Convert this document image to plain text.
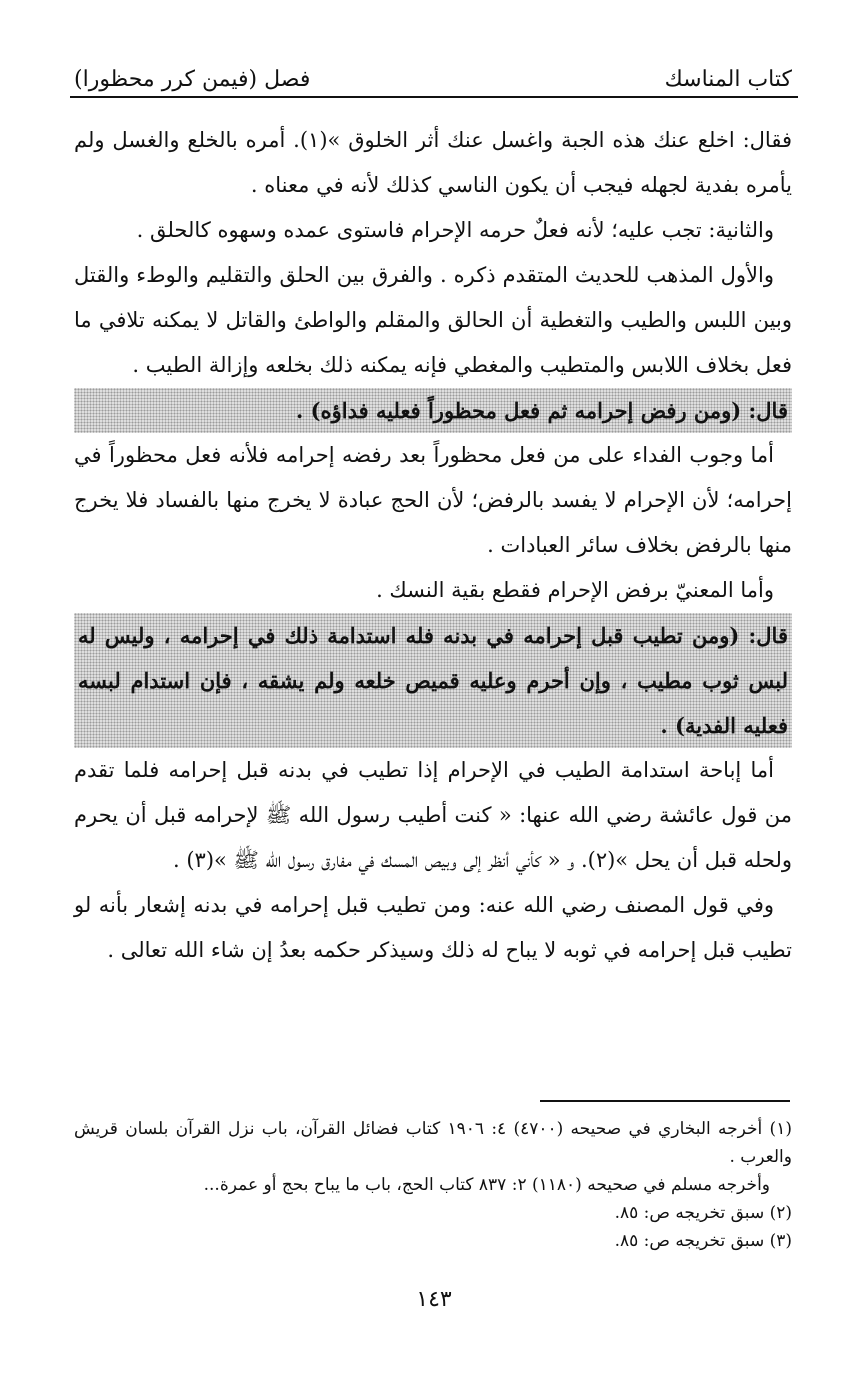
كتاب المناسك
فصل (فيمن كرر محظورا)

فقال: اخلع عنك هذه الجبة واغسل عنك أثر الخلوق »(١). أمره بالخلع والغسل ولم يأمره بفدية لجهله فيجب أن يكون الناسي كذلك لأنه في معناه .

والثانية: تجب عليه؛ لأنه فعلٌ حرمه الإحرام فاستوى عمده وسهوه كالحلق .

والأول المذهب للحديث المتقدم ذكره . والفرق بين الحلق والتقليم والوطء والقتل وبين اللبس والطيب والتغطية أن الحالق والمقلم والواطئ والقاتل لا يمكنه تلافي ما فعل بخلاف اللابس والمتطيب والمغطي فإنه يمكنه ذلك بخلعه وإزالة الطيب .

قال: (ومن رفض إحرامه ثم فعل محظوراً فعليه فداؤه) .

أما وجوب الفداء على من فعل محظوراً بعد رفضه إحرامه فلأنه فعل محظوراً في إحرامه؛ لأن الإحرام لا يفسد بالرفض؛ لأن الحج عبادة لا يخرج منها بالفساد فلا يخرج منها بالرفض بخلاف سائر العبادات .

وأما المعنيّ برفض الإحرام فقطع بقية النسك .

قال: (ومن تطيب قبل إحرامه في بدنه فله استدامة ذلك في إحرامه ، وليس له لبس ثوب مطيب ، وإن أحرم وعليه قميص خلعه ولم يشقه ، فإن استدام لبسه فعليه الفدية) .

أما إباحة استدامة الطيب في الإحرام إذا تطيب في بدنه قبل إحرامه فلما تقدم من قول عائشة رضي الله عنها: « كنت أطيب رسول الله ﷺ لإحرامه قبل أن يحرم ولحله قبل أن يحل »(٢). و « كأني أنظر إلى وبيص المسك في مفارق رسول الله ﷺ »(٣) .

وفي قول المصنف رضي الله عنه: ومن تطيب قبل إحرامه في بدنه إشعار بأنه لو تطيب قبل إحرامه في ثوبه لا يباح له ذلك وسيذكر حكمه بعدُ إن شاء الله تعالى .

(١) أخرجه البخاري في صحيحه (٤٧٠٠) ٤: ١٩٠٦ كتاب فضائل القرآن، باب نزل القرآن بلسان قريش والعرب .

وأخرجه مسلم في صحيحه (١١٨٠) ٢: ٨٣٧ كتاب الحج، باب ما يباح بحج أو عمرة...

(٢) سبق تخريجه ص: ٨٥.

(٣) سبق تخريجه ص: ٨٥.

١٤٣
